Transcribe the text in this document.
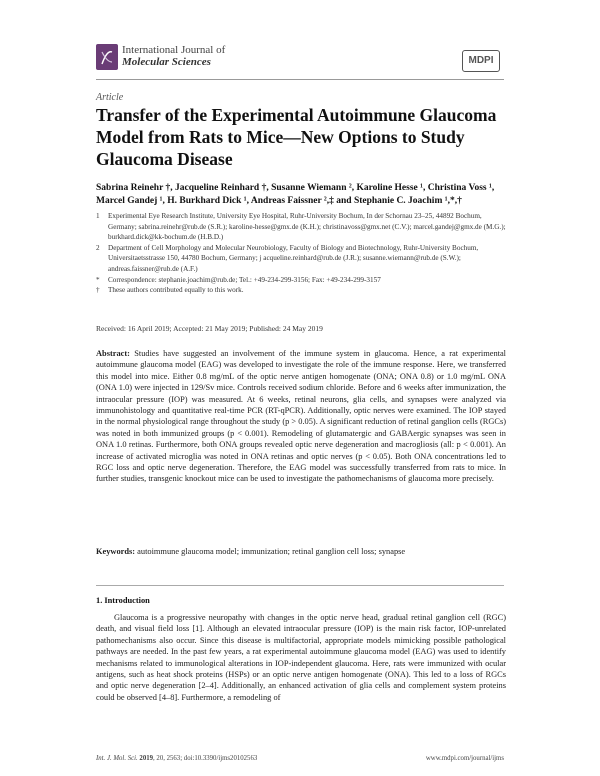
International Journal of
Molecular Sciences	MDPI
Article
Transfer of the Experimental Autoimmune Glaucoma Model from Rats to Mice—New Options to Study Glaucoma Disease
Sabrina Reinehr †, Jacqueline Reinhard †, Susanne Wiemann ², Karoline Hesse ¹, Christina Voss ¹, Marcel Gandej ¹, H. Burkhard Dick ¹, Andreas Faissner ²,‡ and Stephanie C. Joachim ¹,*,†
1	Experimental Eye Research Institute, University Eye Hospital, Ruhr-University Bochum, In der Schornau 23–25, 44892 Bochum, Germany; sabrina.reinehr@rub.de (S.R.); karoline-hesse@gmx.de (K.H.); christinavoss@gmx.net (C.V.); marcel.gandej@gmx.de (M.G.); burkhard.dick@kk-bochum.de (H.B.D.)
2	Department of Cell Morphology and Molecular Neurobiology, Faculty of Biology and Biotechnology, Ruhr-University Bochum, Universitaetsstrasse 150, 44780 Bochum, Germany; j acqueline.reinhard@rub.de (J.R.); susanne.wiemann@rub.de (S.W.); andreas.faissner@rub.de (A.F.)
*	Correspondence: stephanie.joachim@rub.de; Tel.: +49-234-299-3156; Fax: +49-234-299-3157
†	These authors contributed equally to this work.
Received: 16 April 2019; Accepted: 21 May 2019; Published: 24 May 2019
Abstract: Studies have suggested an involvement of the immune system in glaucoma. Hence, a rat experimental autoimmune glaucoma model (EAG) was developed to investigate the role of the immune response. Here, we transferred this model into mice. Either 0.8 mg/mL of the optic nerve antigen homogenate (ONA; ONA 0.8) or 1.0 mg/mL ONA (ONA 1.0) were injected in 129/Sv mice. Controls received sodium chloride. Before and 6 weeks after immunization, the intraocular pressure (IOP) was measured. At 6 weeks, retinal neurons, glia cells, and synapses were analyzed via immunohistology and quantitative real-time PCR (RT-qPCR). Additionally, optic nerves were examined. The IOP stayed in the normal physiological range throughout the study (p > 0.05). A significant reduction of retinal ganglion cells (RGCs) was noted in both immunized groups (p < 0.001). Remodeling of glutamatergic and GABAergic synapses was seen in ONA 1.0 retinas. Furthermore, both ONA groups revealed optic nerve degeneration and macrogliosis (all: p < 0.001). An increase of activated microglia was noted in ONA retinas and optic nerves (p < 0.05). Both ONA concentrations led to RGC loss and optic nerve degeneration. Therefore, the EAG model was successfully transferred from rats to mice. In further studies, transgenic knockout mice can be used to investigate the pathomechanisms of glaucoma more precisely.
Keywords: autoimmune glaucoma model; immunization; retinal ganglion cell loss; synapse
1. Introduction
Glaucoma is a progressive neuropathy with changes in the optic nerve head, gradual retinal ganglion cell (RGC) death, and visual field loss [1]. Although an elevated intraocular pressure (IOP) is the main risk factor, IOP-unrelated pathomechanisms also occur. Since this disease is multifactorial, appropriate models mimicking possible pathological pathways are needed. In the past few years, a rat experimental autoimmune glaucoma model (EAG) was used to identify mechanisms related to immunological alterations in IOP-independent glaucoma. Here, rats were immunized with ocular antigens, such as heat shock proteins (HSPs) or an optic nerve antigen homogenate (ONA). This led to a loss of RGCs and optic nerve degeneration [2–4]. Additionally, an enhanced activation of glia cells and complement system proteins could be observed [4–8]. Furthermore, a remodeling of
Int. J. Mol. Sci. 2019, 20, 2563; doi:10.3390/ijms20102563	www.mdpi.com/journal/ijms
